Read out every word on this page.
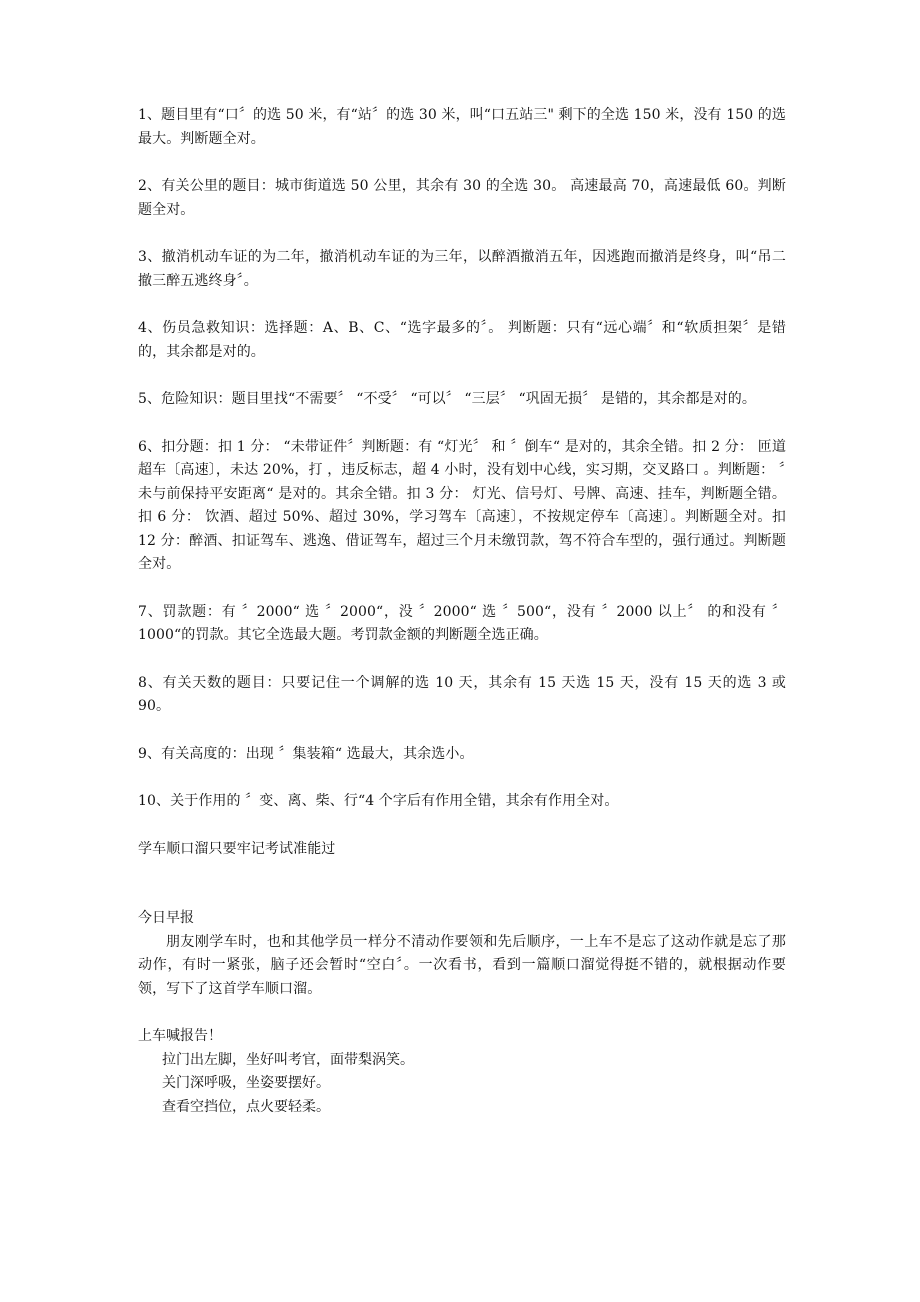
1、题目里有“口〞的选 50 米，有“站〞的选 30 米，叫“口五站三" 剩下的全选 150 米，没有 150 的选最大。判断题全对。

2、有关公里的题目：城市街道选 50 公里，其余有 30 的全选 30。 高速最高 70，高速最低 60。判断题全对。

3、撤消机动车证的为二年，撤消机动车证的为三年，以醉酒撤消五年，因逃跑而撤消是终身，叫“吊二撤三醉五逃终身〞。

4、伤员急救知识：选择题：A、B、C、“选字最多的〞。 判断题：只有“远心端〞和“软质担架〞是错的，其余都是对的。

5、危险知识：题目里找“不需要〞 “不受〞 “可以〞 “三层〞 “巩固无损〞 是错的，其余都是对的。

6、扣分题：扣 1 分： “未带证件〞判断题：有 “灯光〞 和 〞倒车“ 是对的，其余全错。扣 2 分： 匝道超车〔高速〕，未达 20%，打 ，违反标志，超 4 小时，没有划中心线，实习期，交叉路口 。判断题： 〞未与前保持平安距离“ 是对的。其余全错。扣 3 分： 灯光、信号灯、号牌、高速、挂车，判断题全错。扣 6 分： 饮酒、超过 50%、超过 30%，学习驾车〔高速〕，不按规定停车〔高速〕。判断题全对。扣 12 分：醉酒、扣证驾车、逃逸、借证驾车，超过三个月未缴罚款，驾不符合车型的，强行通过。判断题全对。

7、罚款题：有 〞2000“ 选 〞2000“，没 〞2000“ 选 〞500“，没有 〞2000 以上〞 的和没有 〞1000“的罚款。其它全选最大题。考罚款金额的判断题全选正确。

8、有关天数的题目：只要记住一个调解的选 10 天，其余有 15 天选 15 天，没有 15 天的选 3 或 90。

9、有关高度的：出现 〞集装箱“ 选最大，其余选小。

10、关于作用的 〞变、离、柴、行“4 个字后有作用全错，其余有作用全对。

学车顺口溜只要牢记考试准能过

今日早报

朋友刚学车时，也和其他学员一样分不清动作要领和先后顺序，一上车不是忘了这动作就是忘了那动作，有时一紧张，脑子还会暂时“空白〞。一次看书，看到一篇顺口溜觉得挺不错的，就根据动作要领，写下了这首学车顺口溜。

上车喊报告！

拉门出左脚，坐好叫考官，面带梨涡笑。

关门深呼吸，坐姿要摆好。

查看空挡位，点火要轻柔。
